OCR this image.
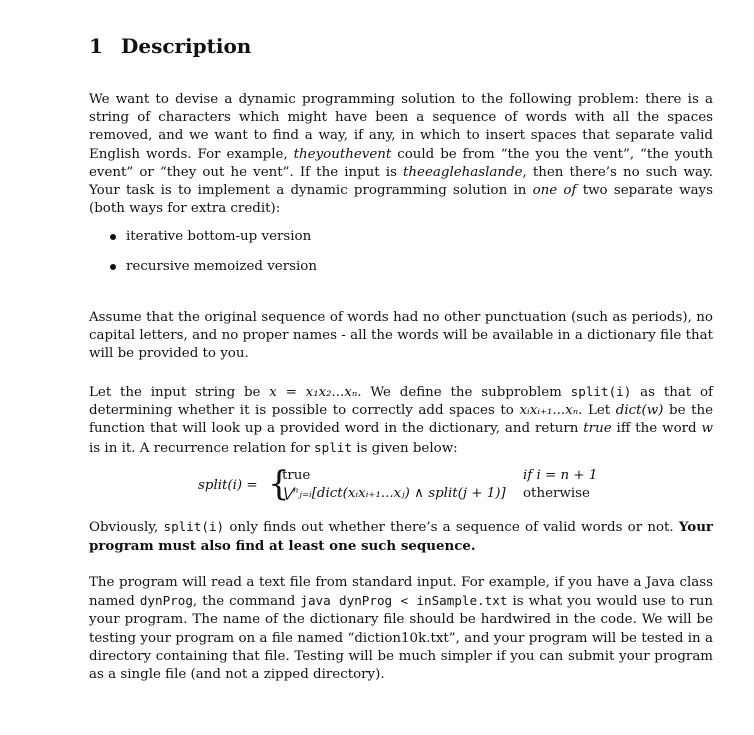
1 Description

We want to devise a dynamic programming solution to the following problem: there is a string of characters which might have been a sequence of words with all the spaces removed, and we want to find a way, if any, in which to insert spaces that separate valid English words. For example, theyouthevent could be from “the you the vent”, “the youth event” or “they out he vent”. If the input is theeaglehaslande, then there’s no such way. Your task is to implement a dynamic programming solution in one of two separate ways (both ways for extra credit):

iterative bottom-up version
recursive memoized version

Assume that the original sequence of words had no other punctuation (such as periods), no capital letters, and no proper names - all the words will be available in a dictionary file that will be provided to you.

Let the input string be x = x₁x₂...xₙ. We define the subproblem split(i) as that of determining whether it is possible to correctly add spaces to xᵢxᵢ₊₁...xₙ. Let dict(w) be the function that will look up a provided word in the dictionary, and return true iff the word w is in it. A recurrence relation for split is given below:

split(i) = {
true
⋁ⁿⱼ₌ᵢ[dict(xᵢxᵢ₊₁...xⱼ) ∧ split(j + 1)]
if i = n + 1
otherwise

Obviously, split(i) only finds out whether there’s a sequence of valid words or not. Your program must also find at least one such sequence.

The program will read a text file from standard input. For example, if you have a Java class named dynProg, the command java dynProg < inSample.txt is what you would use to run your program. The name of the dictionary file should be hardwired in the code. We will be testing your program on a file named “diction10k.txt”, and your program will be tested in a directory containing that file. Testing will be much simpler if you can submit your program as a single file (and not a zipped directory).
